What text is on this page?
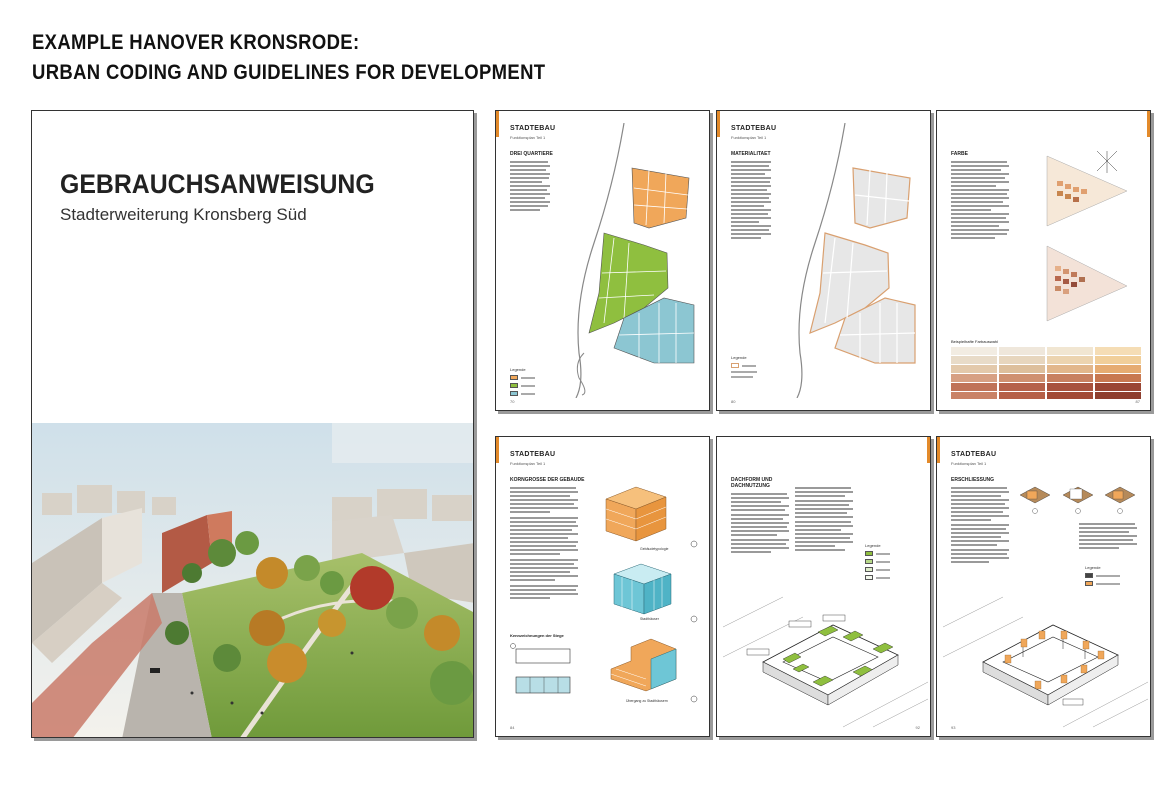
EXAMPLE HANOVER KRONSRODE:
URBAN CODING AND GUIDELINES FOR DEVELOPMENT
GEBRAUCHSANWEISUNG
Stadterweiterung Kronsberg Süd
STADTEBAU
Funktionsplan Teil 1
DREI QUARTIERE
Legende
70
STADTEBAU
Funktionsplan Teil 1
MATERIALITAET
Legende
80
FARBE
Beispielhafte Farbauswahl
87
STADTEBAU
Funktionsplan Teil 1
KORNGROSSE DER GEBAUDE
Kennzeichnungen der Stege
Gebäudetypologie
Stadthäuser
Übergang zu Stadthäusern
84
DACHFORM UND DACHNUTZUNG
Legende
92
STADTEBAU
Funktionsplan Teil 1
ERSCHLIESSUNG
Legende
93
